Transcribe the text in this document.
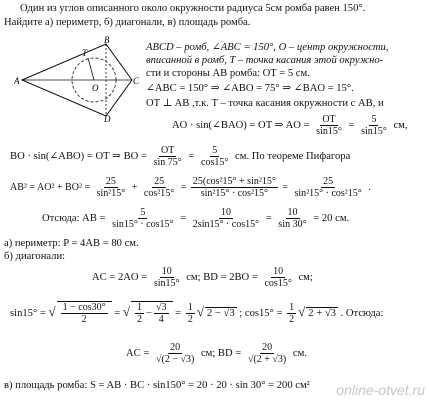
Один из углов описанного около окружности радиуса 5см ромба равен 150°.
Найдите а) периметр, б) диагонали, в) площадь ромба.
A
B
C
D
O
T	ABCD – ромб, ∠ABC = 150°, O – центр окружности,
вписанной в ромб, T – точка касания этой окружно-
сти и стороны AB ромба: OT = 5 см.
∠ABC = 150° ⇒ ∠ABO = 75° ⇒ ∠BAO = 15°.
OT ⊥ AB ,т.к. T – точка касания окружности с AB, и
AO · sin(∠BAO) = OT ⇒ AO = $\frac{OT}{\sin 15^\circ} = \frac{5}{\sin 15^\circ}$ см,
BO · sin(∠ABO) = OT ⇒ BO = $\frac{OT}{\sin 75^\circ} = \frac{5}{\cos 15^\circ}$ см. По теореме Пифагора
$AB^2 = AO^2 + BO^2 = \frac{25}{\text{sin²15°}} + \frac{25}{\text{cos²15°}} = \frac{\text{25(cos²15° + sin²15°}}{\text{sin²15° · cos²15°}} = \frac{25}{\text{sin²15° · cos²15°}}$ .
Отсюда: AB = $\frac{5}{\sin 15^\circ \cdot \cos 15^\circ} = \frac{10}{2\sin 15^\circ \cdot \cos 15^\circ} = \frac{10}{\sin 30^\circ} = 20$ см.
а) периметр: P = 4AB = 80 см.
б) диагонали:
AC = $2AO = \frac{10}{\sin 15^\circ}$ см; BD = $2BO = \frac{10}{\cos 15^\circ}$ см;
sin15° = √ $\frac{1 - \cos 30^\circ}{2}$ = √ $\frac{1}{2} - \frac{√3}{4} = \frac{1}{2}$ √ 2 − √3 ; $\cos 15^\circ = \frac{1}{2}$ √ 2 + √3 . Отсюда:
AC = $\frac{20}{√(2 - √3)}$ см; BD = $\frac{20}{√(2 + √3)}$ см.
в) площадь ромба: S = AB · BC · sin150° = 20 · 20 · sin 30° = 200 см² online-otvet.ru
